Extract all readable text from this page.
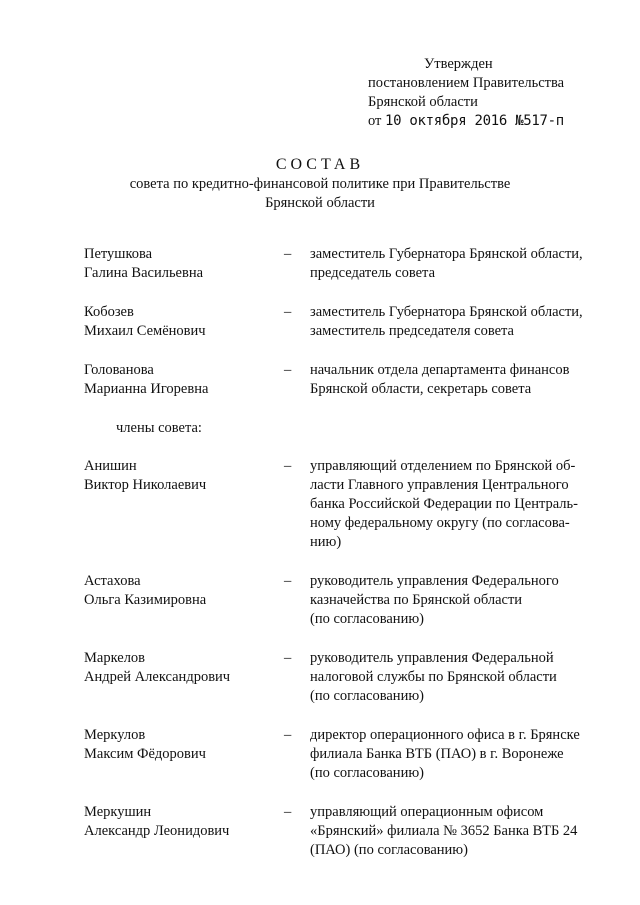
Утвержден
постановлением Правительства
Брянской области
от 10 октября 2016 №517-п
СОСТАВ
совета по кредитно-финансовой политике при Правительстве
Брянской области
Петушкова
Галина Васильевна
–	заместитель Губернатора Брянской области,
председатель совета
Кобозев
Михаил Семёнович
–	заместитель Губернатора Брянской области,
заместитель председателя совета
Голованова
Марианна Игоревна
–	начальник отдела департамента финансов
Брянской области, секретарь совета
члены совета:
Анишин
Виктор Николаевич
–	управляющий отделением по Брянской об-
ласти Главного управления Центрального
банка Российской Федерации по Централь-
ному федеральному округу (по согласова-
нию)
Астахова
Ольга Казимировна
–	руководитель управления Федерального
казначейства по Брянской области
(по согласованию)
Маркелов
Андрей Александрович
–	руководитель управления Федеральной
налоговой службы по Брянской области
(по согласованию)
Меркулов
Максим Фёдорович
–	директор операционного офиса в г. Брянске
филиала Банка ВТБ (ПАО) в г. Воронеже
(по согласованию)
Меркушин
Александр Леонидович
–	управляющий операционным офисом
«Брянский» филиала № 3652 Банка ВТБ 24
(ПАО) (по согласованию)
